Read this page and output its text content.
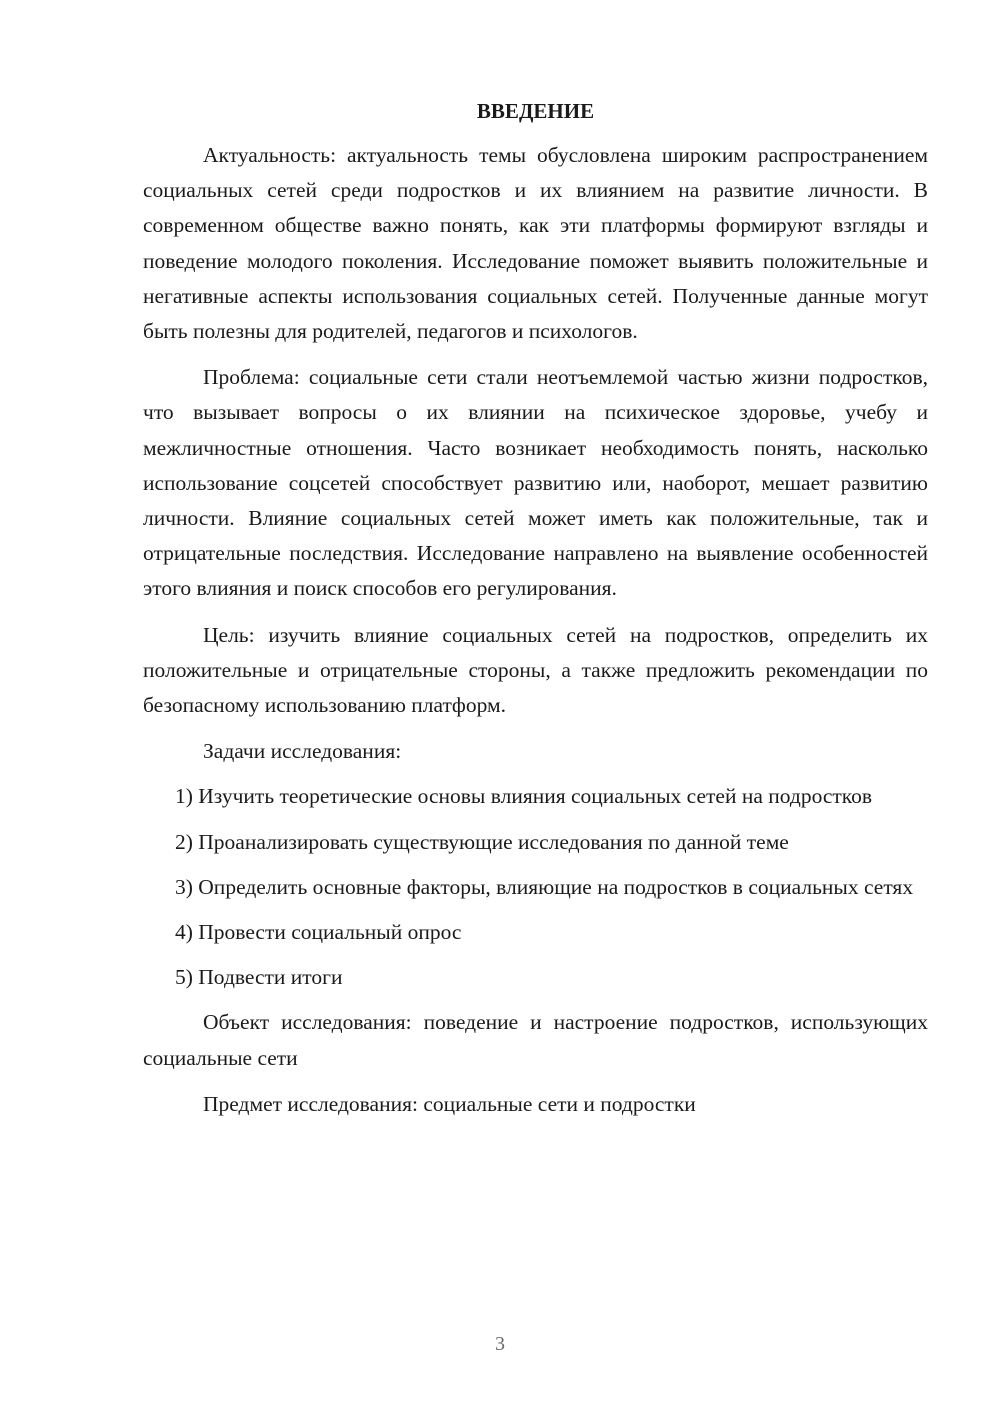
ВВЕДЕНИЕ

Актуальность: актуальность темы обусловлена широким распространением социальных сетей среди подростков и их влиянием на развитие личности. В современном обществе важно понять, как эти платформы формируют взгляды и поведение молодого поколения. Исследование поможет выявить положительные и негативные аспекты использования социальных сетей. Полученные данные могут быть полезны для родителей, педагогов и психологов.

Проблема: социальные сети стали неотъемлемой частью жизни подростков, что вызывает вопросы о их влиянии на психическое здоровье, учебу и межличностные отношения. Часто возникает необходимость понять, насколько использование соцсетей способствует развитию или, наоборот, мешает развитию личности. Влияние социальных сетей может иметь как положительные, так и отрицательные последствия. Исследование направлено на выявление особенностей этого влияния и поиск способов его регулирования.

Цель: изучить влияние социальных сетей на подростков, определить их положительные и отрицательные стороны, а также предложить рекомендации по безопасному использованию платформ.

Задачи исследования:

1) Изучить теоретические основы влияния социальных сетей на подростков

2) Проанализировать существующие исследования по данной теме

3) Определить основные факторы, влияющие на подростков в социальных сетях

4) Провести социальный опрос

5) Подвести итоги

Объект исследования: поведение и настроение подростков, использующих социальные сети

Предмет исследования: социальные сети и подростки

3
